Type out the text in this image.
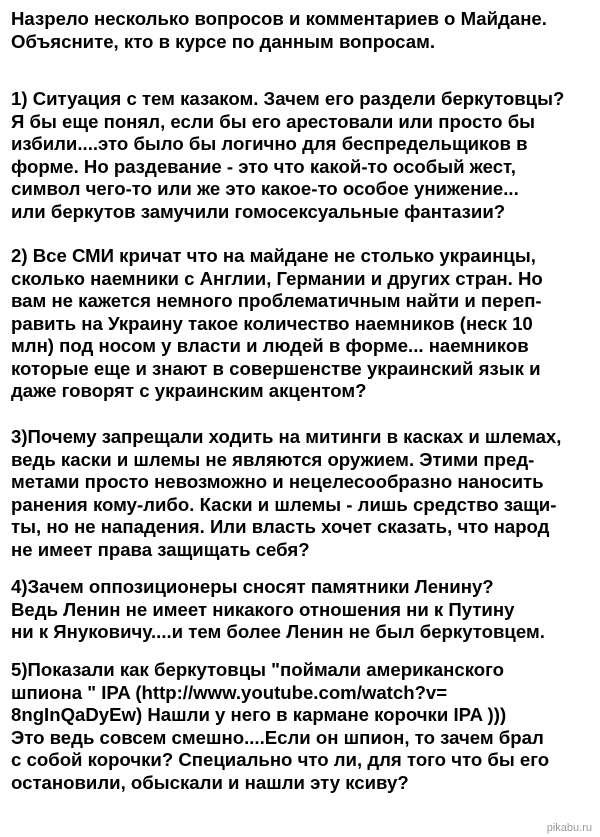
Назрело несколько вопросов и комментариев о Майдане.
Объясните, кто в курсе по данным вопросам.
1) Ситуация с тем казаком. Зачем его раздели беркутовцы?
Я бы еще понял, если бы его арестовали или просто бы
избили....это было бы логично для беспредельщиков в
форме. Но раздевание - это что какой-то особый жест,
символ чего-то или же это какое-то особое унижение...
или беркутов замучили гомосексуальные фантазии?
2) Все СМИ кричат что на майдане не столько украинцы,
сколько наемники с Англии, Германии и других стран. Но
вам не кажется немного проблематичным найти и переп-
равить на Украину такое количество наемников (неск 10
млн) под носом у власти и людей в форме... наемников
которые еще и знают в совершенстве украинский язык и
даже говорят с украинским акцентом?
3)Почему запрещали ходить на митинги в касках и шлемах,
ведь каски и шлемы не являются оружием. Этими пред-
метами просто невозможно и нецелесообразно наносить
ранения кому-либо. Каски и шлемы - лишь средство защи-
ты, но не нападения. Или власть хочет сказать, что народ
не имеет права защищать себя?
4)Зачем оппозиционеры сносят памятники Ленину?
Ведь Ленин не имеет никакого отношения ни к Путину
ни к Януковичу....и тем более Ленин не был беркутовцем.
5)Показали как беркутовцы "поймали американского
шпиона " IPA (http://www.youtube.com/watch?v=
8ngInQaDyEw) Нашли у него в кармане корочки IPA )))
Это ведь совсем смешно....Если он шпион, то зачем брал
с собой корочки? Специально что ли, для того что бы его
остановили, обыскали и нашли эту ксиву?
pikabu.ru
